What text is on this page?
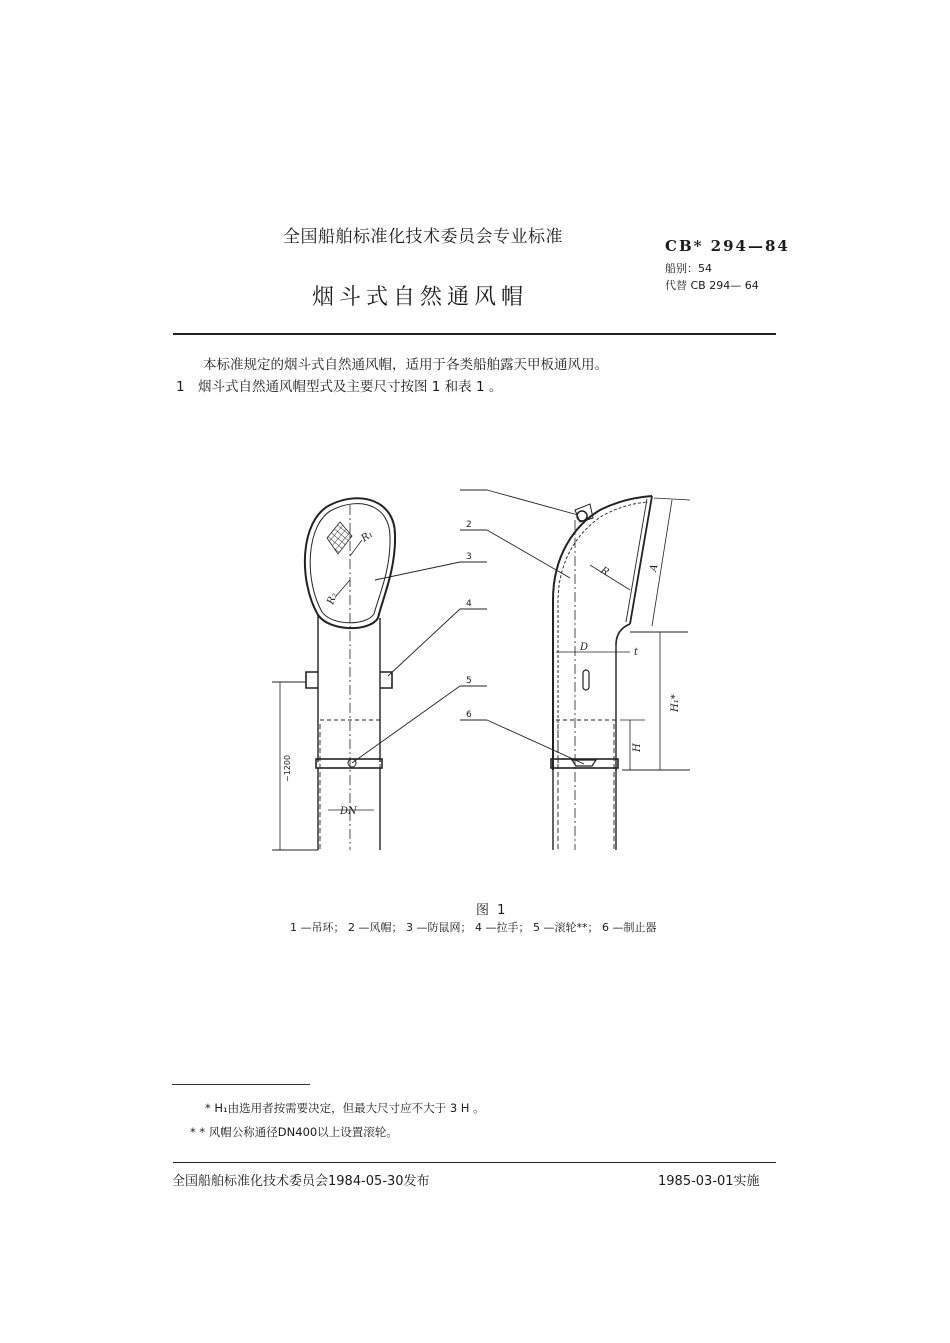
全国船舶标准化技术委员会专业标准
烟斗式自然通风帽
CB* 294—84
船别：54
代替 CB 294— 64
本标准规定的烟斗式自然通风帽，适用于各类船舶露天甲板通风用。
1 烟斗式自然通风帽型式及主要尺寸按图 1 和表 1 。
2
3
4
5
6
R₁
R₂
R	A
D	t
H₁*
H
DN
~1200
图 1
1 —吊环； 2 —风帽； 3 —防鼠网； 4 —拉手； 5 —滚轮**； 6 —制止器
* H₁由选用者按需要决定，但最大尺寸应不大于 3 H 。
* * 风帽公称通径DN400以上设置滚轮。
全国船舶标准化技术委员会1984-05-30发布	1985-03-01实施
